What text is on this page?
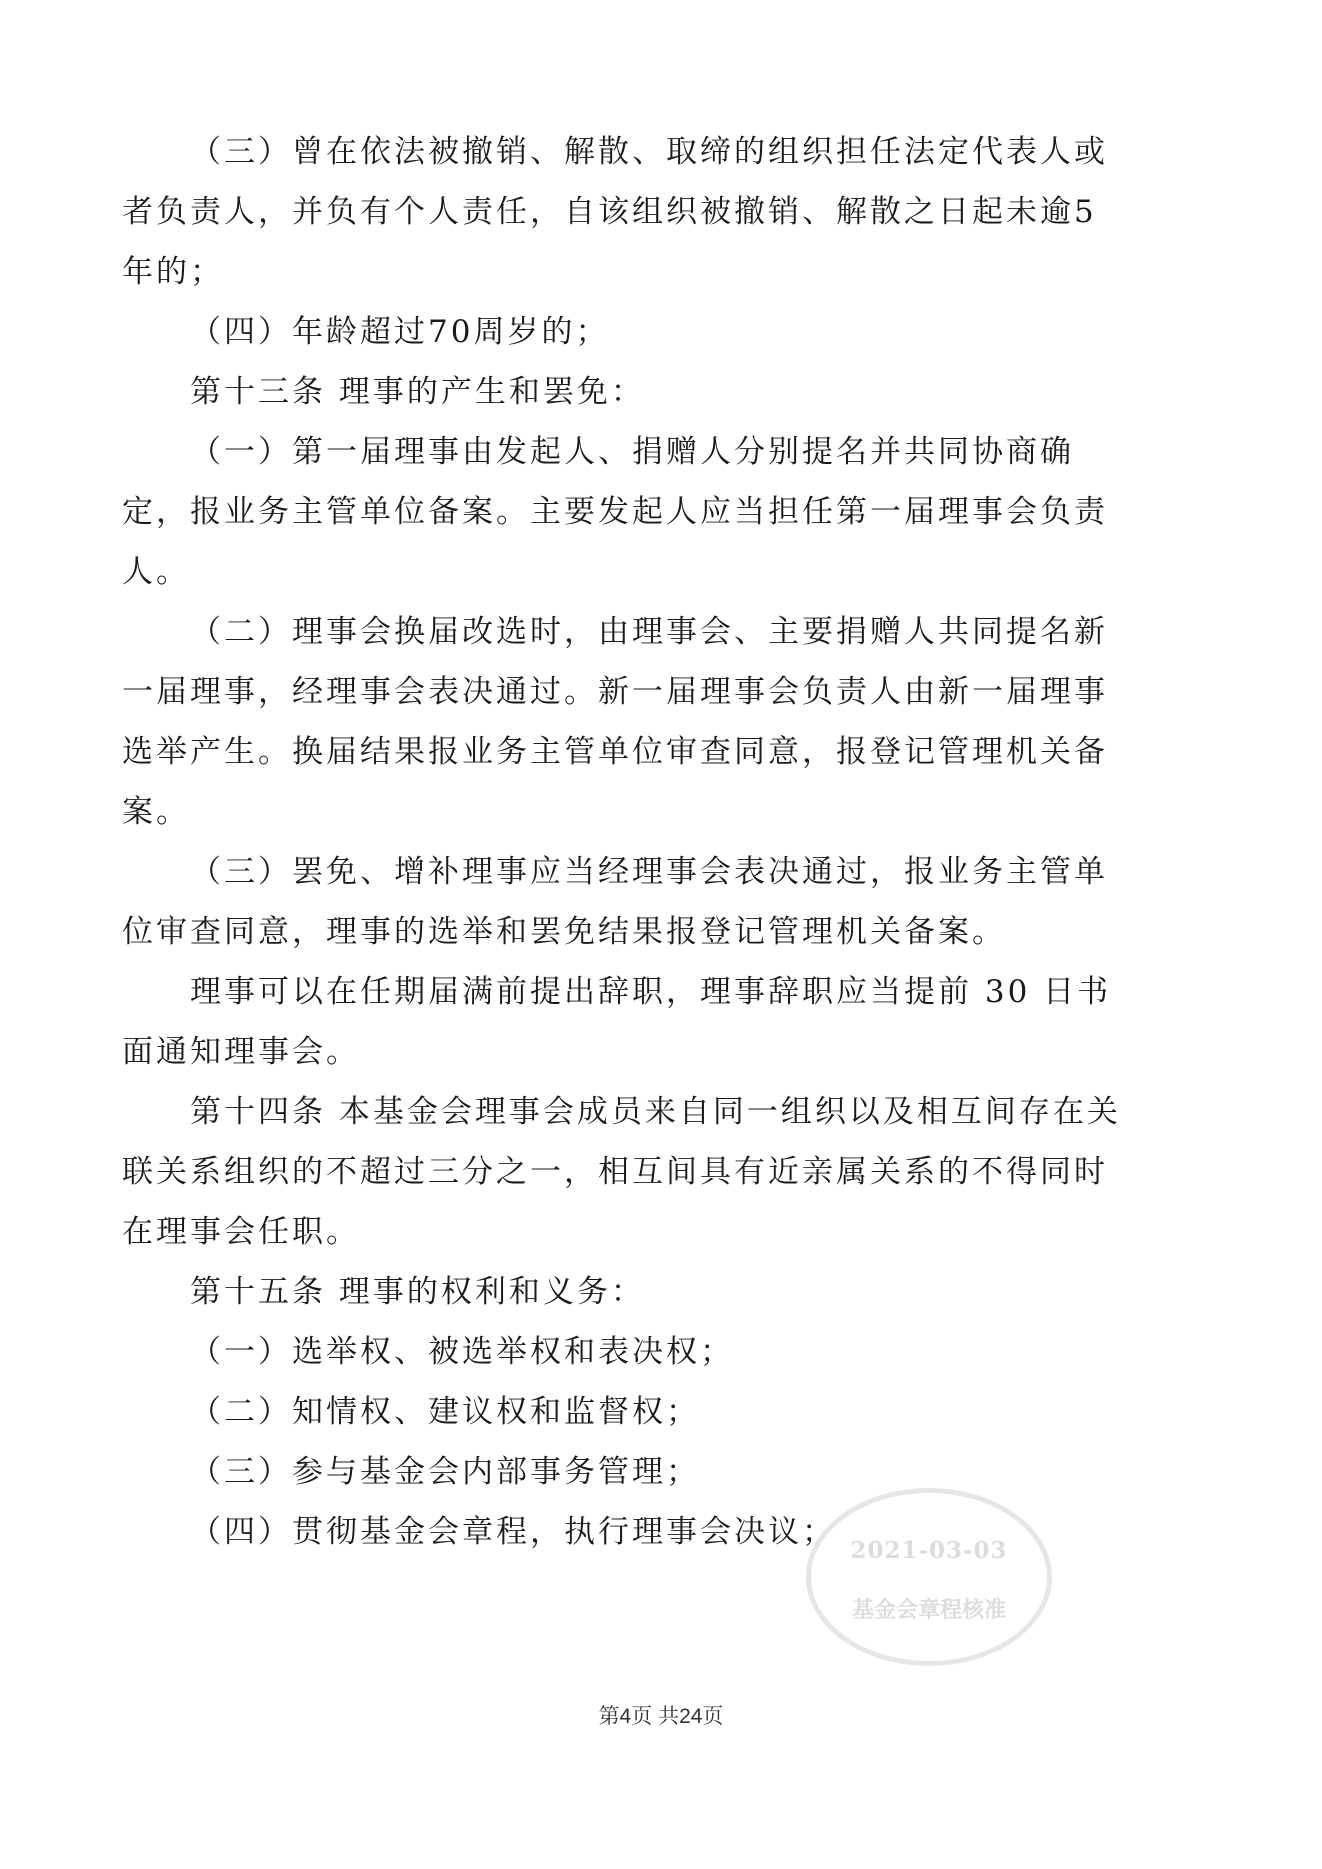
（三）曾在依法被撤销、解散、取缔的组织担任法定代表人或者负责人，并负有个人责任，自该组织被撤销、解散之日起未逾5年的；

（四）年龄超过70周岁的；

第十三条 理事的产生和罢免：

（一）第一届理事由发起人、捐赠人分别提名并共同协商确定，报业务主管单位备案。主要发起人应当担任第一届理事会负责人。

（二）理事会换届改选时，由理事会、主要捐赠人共同提名新一届理事，经理事会表决通过。新一届理事会负责人由新一届理事选举产生。换届结果报业务主管单位审查同意，报登记管理机关备案。

（三）罢免、增补理事应当经理事会表决通过，报业务主管单位审查同意，理事的选举和罢免结果报登记管理机关备案。

理事可以在任期届满前提出辞职，理事辞职应当提前 30 日书面通知理事会。

第十四条 本基金会理事会成员来自同一组织以及相互间存在关联关系组织的不超过三分之一，相互间具有近亲属关系的不得同时在理事会任职。

第十五条 理事的权利和义务：

（一）选举权、被选举权和表决权；

（二）知情权、建议权和监督权；

（三）参与基金会内部事务管理；

（四）贯彻基金会章程，执行理事会决议；

2021-03-03
基金会章程核准
第4页 共24页
